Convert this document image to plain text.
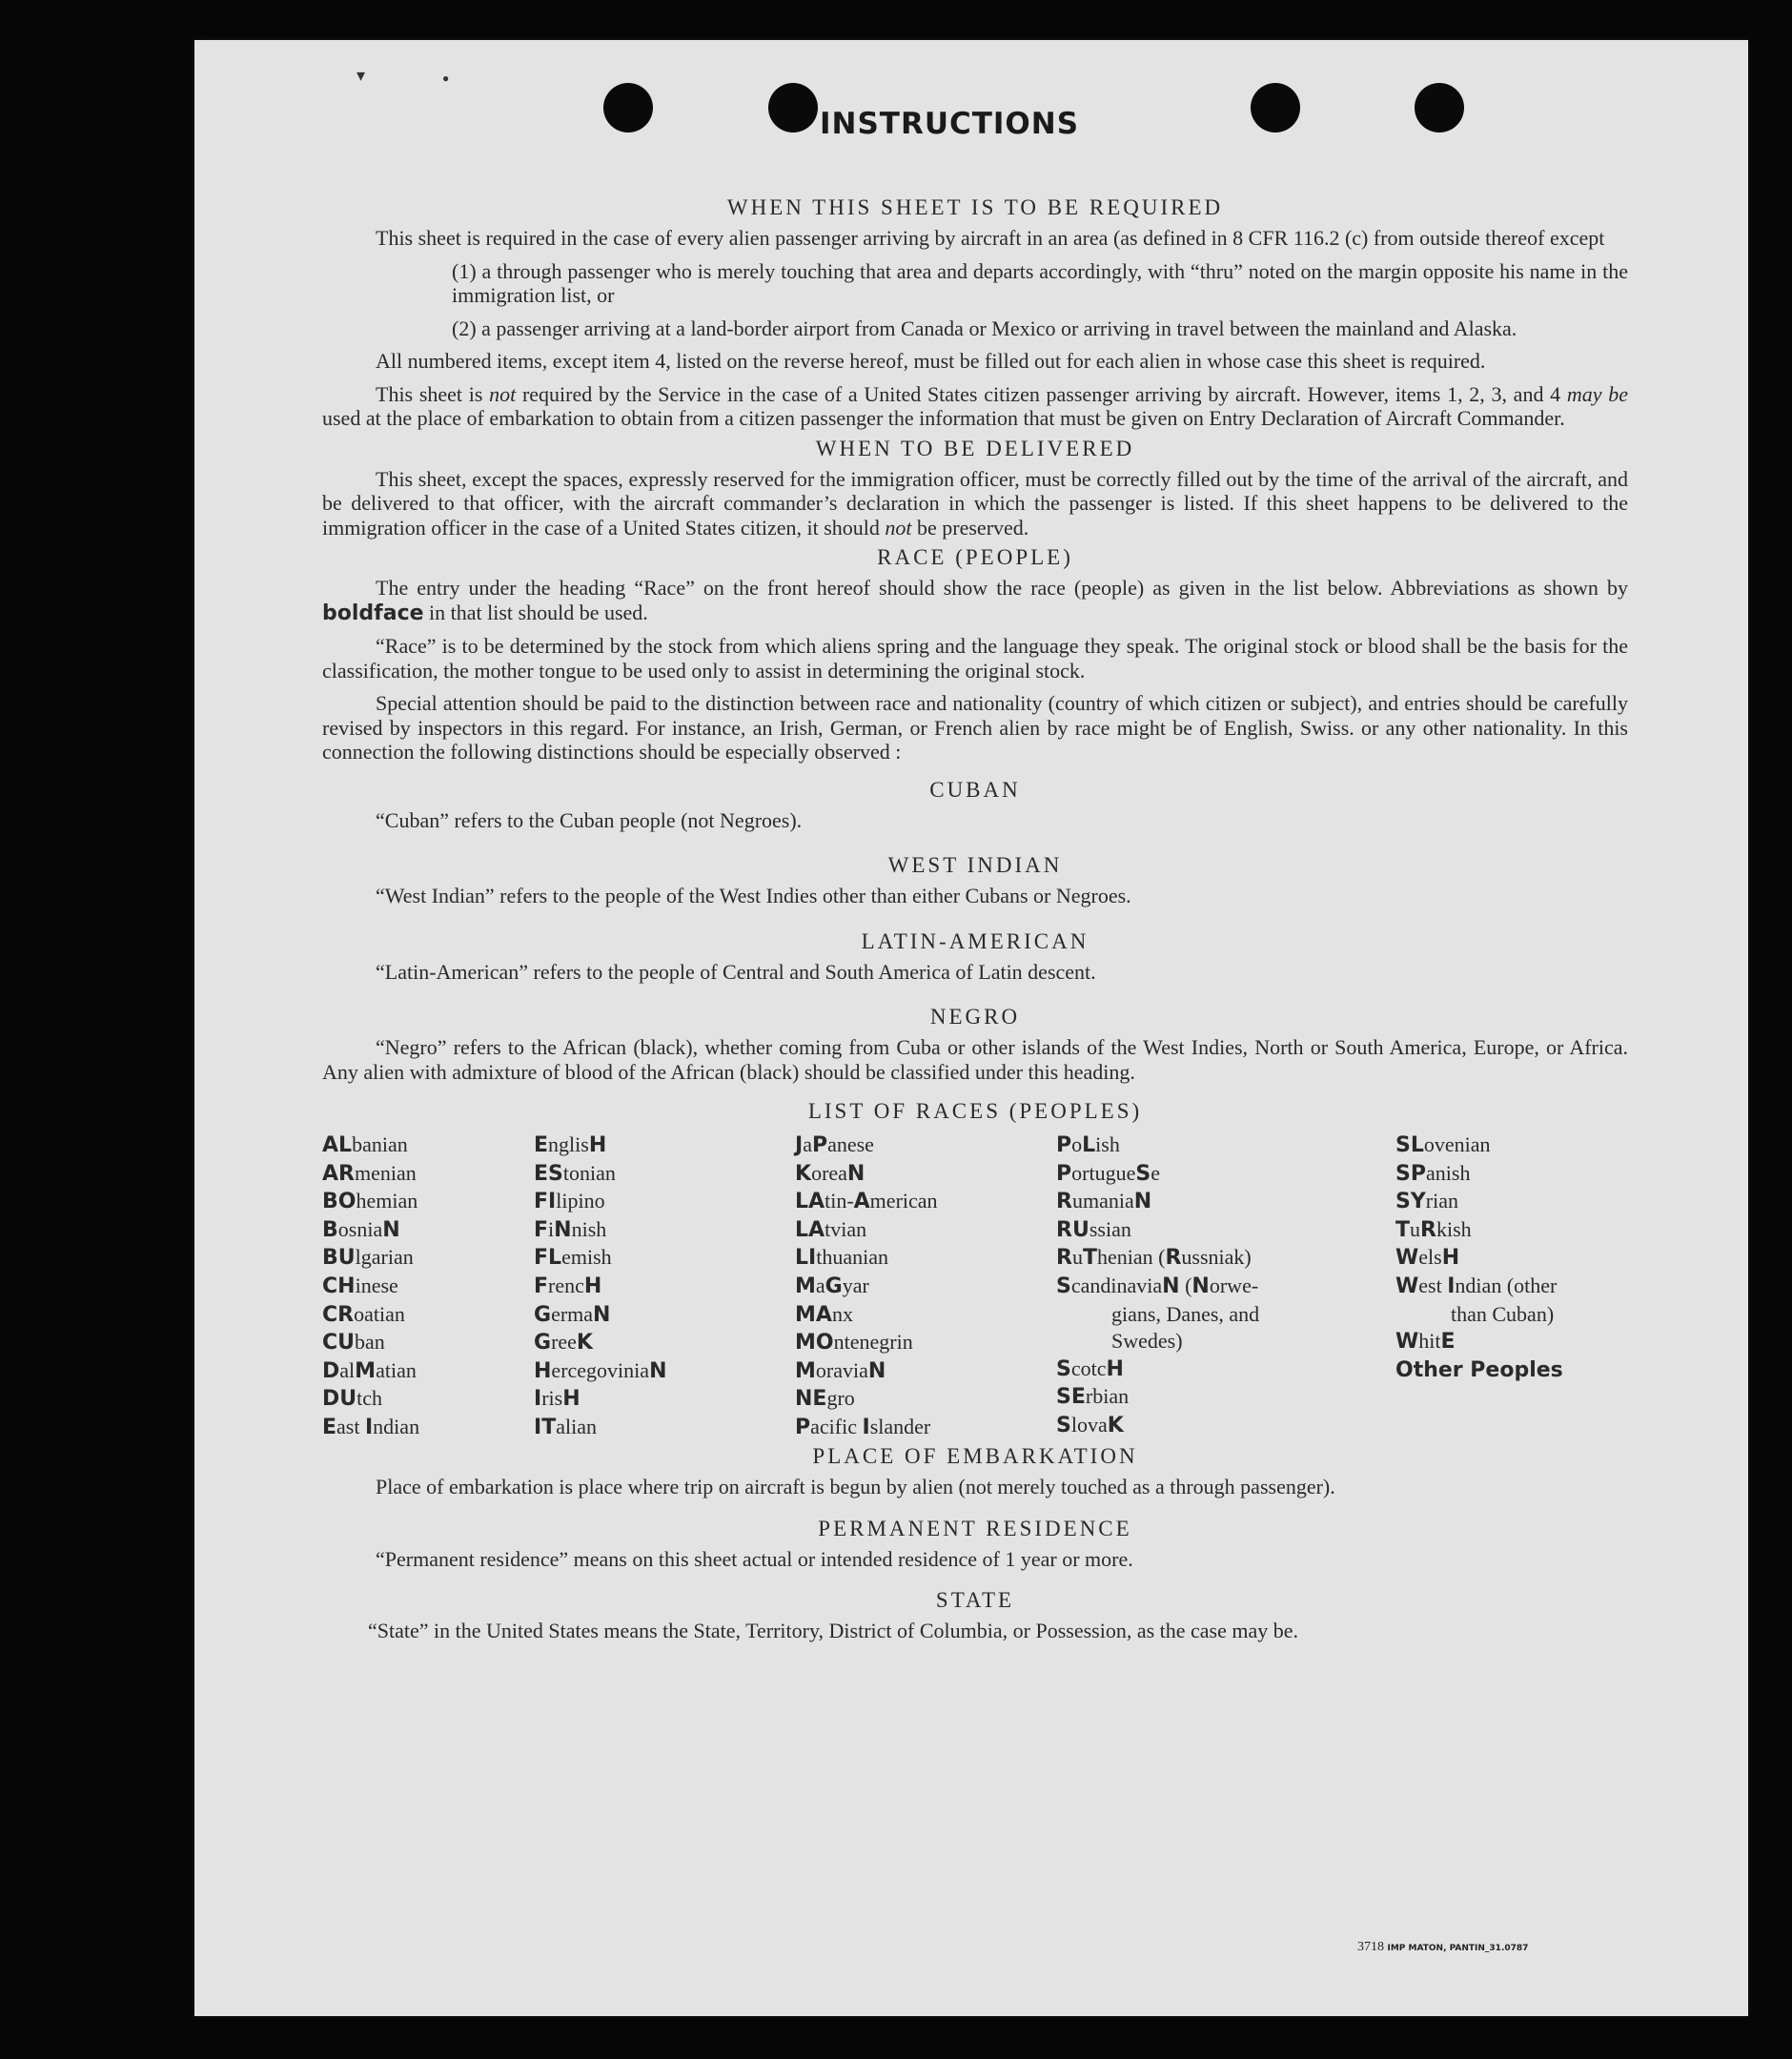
▾	●
INSTRUCTIONS
WHEN THIS SHEET IS TO BE REQUIRED

This sheet is required in the case of every alien passenger arriving by aircraft in an area (as defined in 8 CFR 116.2 (c) from outside thereof except

(1) a through passenger who is merely touching that area and departs accordingly, with “thru” noted on the margin opposite his name in the immigration list, or

(2) a passenger arriving at a land-border airport from Canada or Mexico or arriving in travel between the mainland and Alaska.

All numbered items, except item 4, listed on the reverse hereof, must be filled out for each alien in whose case this sheet is required.

This sheet is not required by the Service in the case of a United States citizen passenger arriving by aircraft. However, items 1, 2, 3, and 4 may be used at the place of embarkation to obtain from a citizen passenger the information that must be given on Entry Declaration of Aircraft Commander.

WHEN TO BE DELIVERED

This sheet, except the spaces, expressly reserved for the immigration officer, must be correctly filled out by the time of the arrival of the aircraft, and be delivered to that officer, with the aircraft commander’s declaration in which the passenger is listed. If this sheet happens to be delivered to the immigration officer in the case of a United States citizen, it should not be preserved.

RACE (PEOPLE)

The entry under the heading “Race” on the front hereof should show the race (people) as given in the list below. Abbreviations as shown by boldface in that list should be used.

“Race” is to be determined by the stock from which aliens spring and the language they speak. The original stock or blood shall be the basis for the classification, the mother tongue to be used only to assist in determining the original stock.

Special attention should be paid to the distinction between race and nationality (country of which citizen or subject), and entries should be carefully revised by inspectors in this regard. For instance, an Irish, German, or French alien by race might be of English, Swiss. or any other nationality. In this connection the following distinctions should be especially observed :

CUBAN

“Cuban” refers to the Cuban people (not Negroes).

WEST INDIAN

“West Indian” refers to the people of the West Indies other than either Cubans or Negroes.

LATIN-AMERICAN

“Latin-American” refers to the people of Central and South America of Latin descent.

NEGRO

“Negro” refers to the African (black), whether coming from Cuba or other islands of the West Indies, North or South America, Europe, or Africa. Any alien with admixture of blood of the African (black) should be classified under this heading.

LIST OF RACES (PEOPLES)
ALbanian
ARmenian
BOhemian
BosniaN
BUlgarian
CHinese
CRoatian
CUban
DalMatian
DUtch
East Indian
EnglisH
EStonian
FIlipino
FiNnish
FLemish
FrencH
GermaN
GreeK
HercegoviniaN
IrisH
ITalian
JaPanese
KoreaN
LAtin-American
LAtvian
LIthuanian
MaGyar
MAnx
MOntenegrin
MoraviaN
NEgro
Pacific Islander
PoLish
PortugueSe
RumaniaN
RUssian
RuThenian (Russniak)
ScandinaviaN (Norwe-
gians, Danes, and
Swedes)
ScotcH
SErbian
SlovaK
SLovenian
SPanish
SYrian
TuRkish
WelsH
West Indian (other
than Cuban)
WhitE
Other Peoples
PLACE OF EMBARKATION

Place of embarkation is place where trip on aircraft is begun by alien (not merely touched as a through passenger).

PERMANENT RESIDENCE

“Permanent residence” means on this sheet actual or intended residence of 1 year or more.

STATE

“State” in the United States means the State, Territory, District of Columbia, or Possession, as the case may be.

3718 IMP MATON, PANTIN_31.0787
